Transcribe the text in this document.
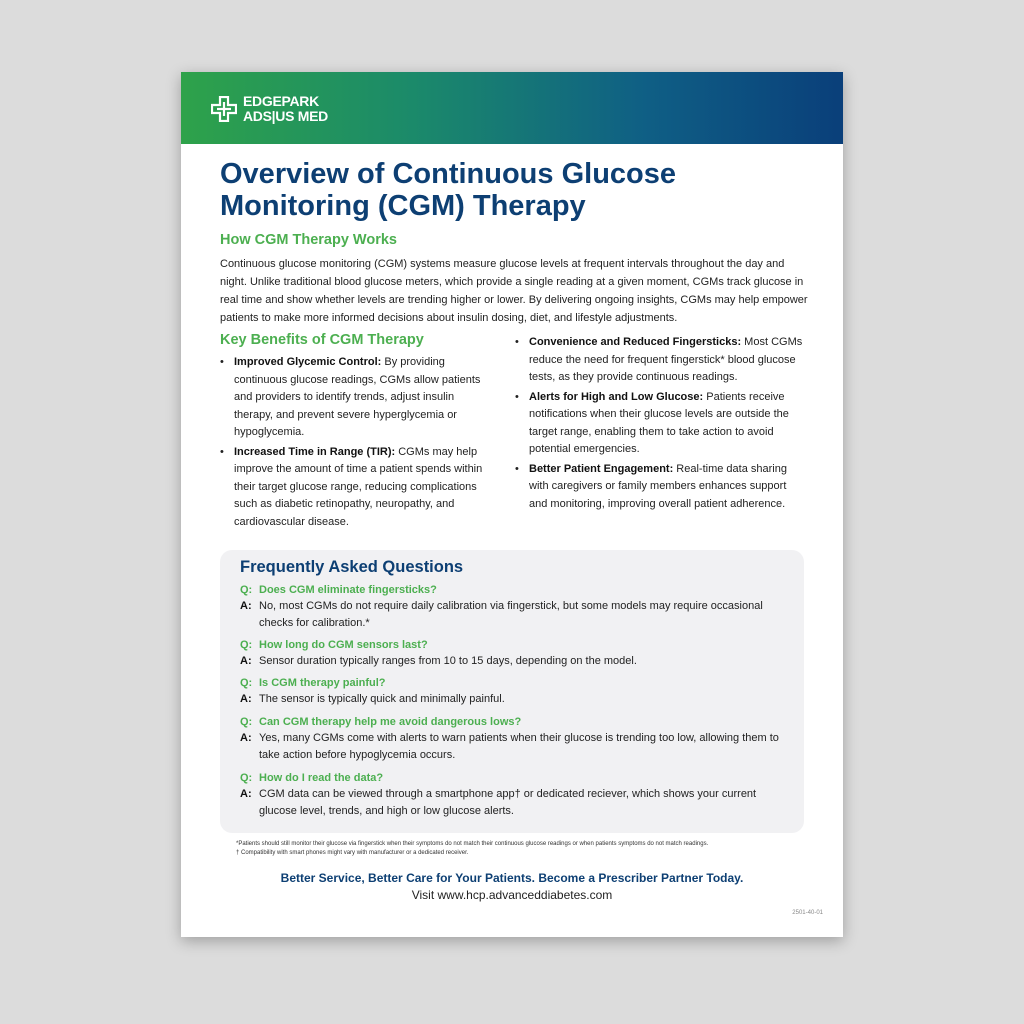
EDGEPARK
ADS|US MED
Overview of Continuous Glucose
Monitoring (CGM) Therapy
How CGM Therapy Works

Continuous glucose monitoring (CGM) systems measure glucose levels at frequent intervals throughout the day and night. Unlike traditional blood glucose meters, which provide a single reading at a given moment, CGMs track glucose in real time and show whether levels are trending higher or lower. By delivering ongoing insights, CGMs may help empower patients to make more informed decisions about insulin dosing, diet, and lifestyle adjustments.

Key Benefits of CGM Therapy
• Improved Glycemic Control: By providing continuous glucose readings, CGMs allow patients and providers to identify trends, adjust insulin therapy, and prevent severe hyperglycemia or hypoglycemia.
• Increased Time in Range (TIR): CGMs may help improve the amount of time a patient spends within their target glucose range, reducing complications such as diabetic retinopathy, neuropathy, and cardiovascular disease.
• Convenience and Reduced Fingersticks: Most CGMs reduce the need for frequent fingerstick* blood glucose tests, as they provide continuous readings.
• Alerts for High and Low Glucose: Patients receive notifications when their glucose levels are outside the target range, enabling them to take action to avoid potential emergencies.
• Better Patient Engagement: Real-time data sharing with caregivers or family members enhances support and monitoring, improving overall patient adherence.
Frequently Asked Questions
Q: Does CGM eliminate fingersticks?
A: No, most CGMs do not require daily calibration via fingerstick, but some models may require occasional checks for calibration.*
Q: How long do CGM sensors last?
A: Sensor duration typically ranges from 10 to 15 days, depending on the model.
Q: Is CGM therapy painful?
A: The sensor is typically quick and minimally painful.
Q: Can CGM therapy help me avoid dangerous lows?
A: Yes, many CGMs come with alerts to warn patients when their glucose is trending too low, allowing them to take action before hypoglycemia occurs.
Q: How do I read the data?
A: CGM data can be viewed through a smartphone app† or dedicated reciever, which shows your current glucose level, trends, and high or low glucose alerts.
*Patients should still monitor their glucose via fingerstick when their symptoms do not match their continuous glucose readings or when patients symptoms do not match readings.
† Compatibility with smart phones might vary with manufacturer or a dedicated receiver.

Better Service, Better Care for Your Patients. Become a Prescriber Partner Today.

Visit www.hcp.advanceddiabetes.com

2501-40-01
